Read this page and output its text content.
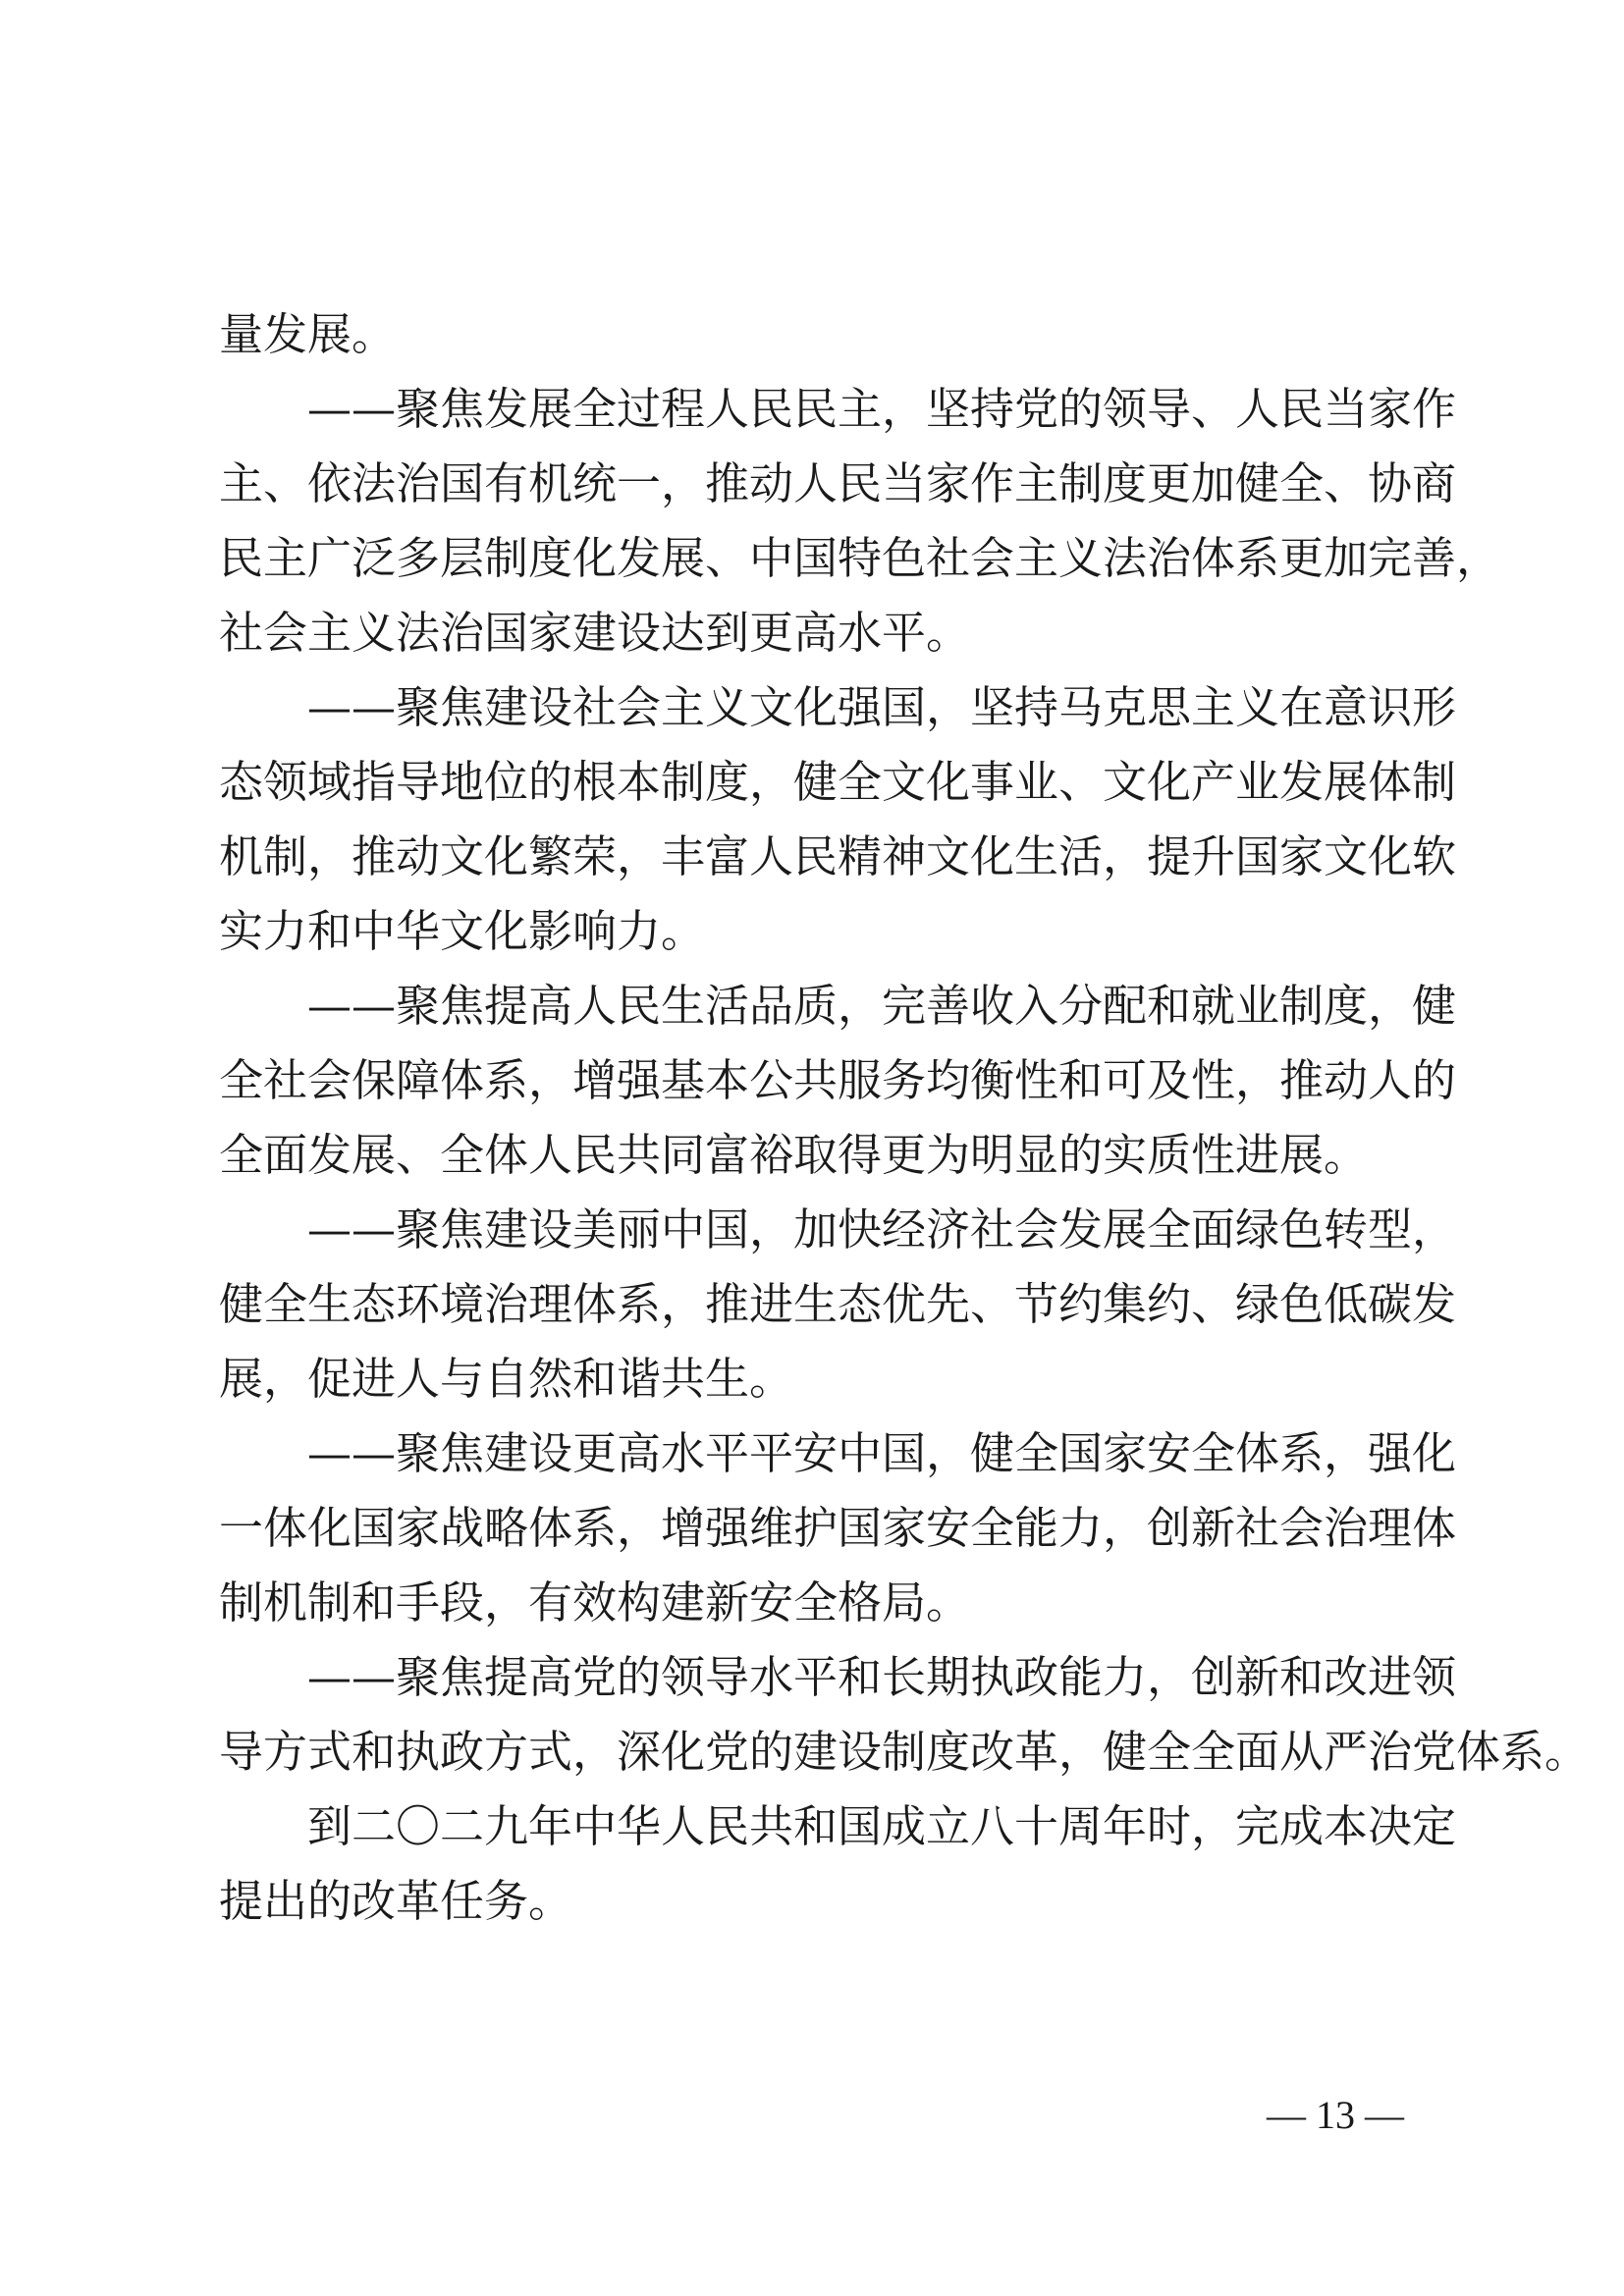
量发展。
——聚焦发展全过程人民民主，坚持党的领导、人民当家作
主、依法治国有机统一，推动人民当家作主制度更加健全、协商
民主广泛多层制度化发展、中国特色社会主义法治体系更加完善，
社会主义法治国家建设达到更高水平。
——聚焦建设社会主义文化强国，坚持马克思主义在意识形
态领域指导地位的根本制度，健全文化事业、文化产业发展体制
机制，推动文化繁荣，丰富人民精神文化生活，提升国家文化软
实力和中华文化影响力。
——聚焦提高人民生活品质，完善收入分配和就业制度，健
全社会保障体系，增强基本公共服务均衡性和可及性，推动人的
全面发展、全体人民共同富裕取得更为明显的实质性进展。
——聚焦建设美丽中国，加快经济社会发展全面绿色转型，
健全生态环境治理体系，推进生态优先、节约集约、绿色低碳发
展，促进人与自然和谐共生。
——聚焦建设更高水平平安中国，健全国家安全体系，强化
一体化国家战略体系，增强维护国家安全能力，创新社会治理体
制机制和手段，有效构建新安全格局。
——聚焦提高党的领导水平和长期执政能力，创新和改进领
导方式和执政方式，深化党的建设制度改革，健全全面从严治党体系。
到二〇二九年中华人民共和国成立八十周年时，完成本决定
提出的改革任务。
— 13 —
